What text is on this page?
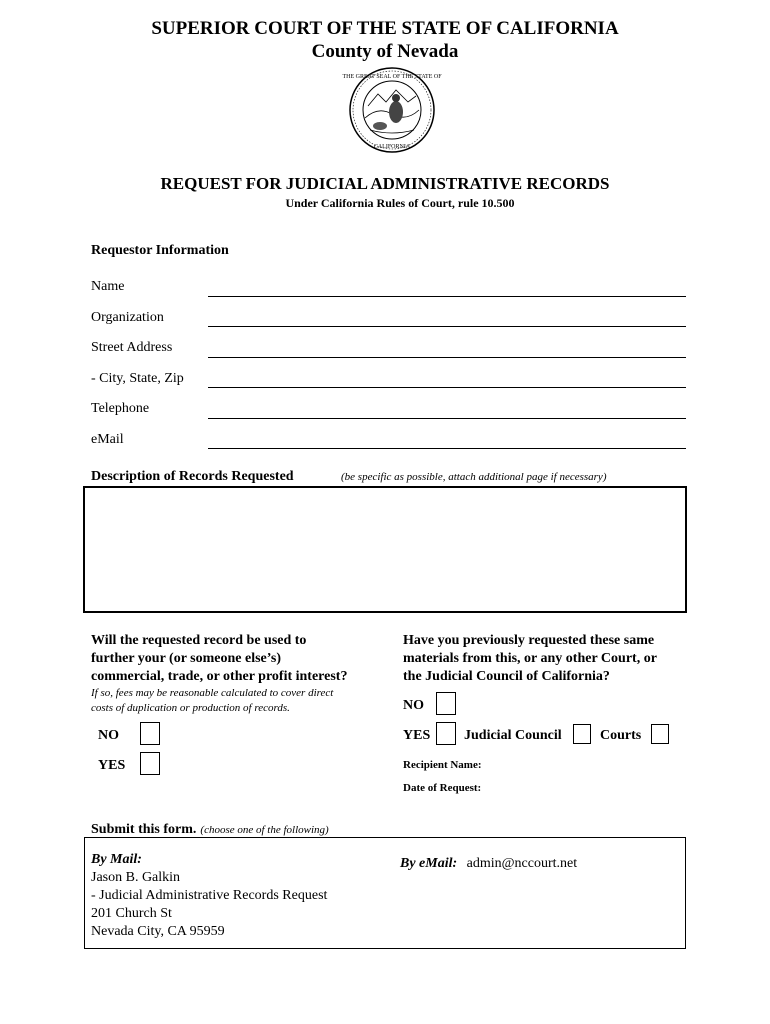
SUPERIOR COURT OF THE STATE OF CALIFORNIA
County of Nevada
THE GREAT SEAL OF THE STATE OF
CALIFORNIA
REQUEST FOR JUDICIAL ADMINISTRATIVE RECORDS
Under California Rules of Court, rule 10.500
Requestor Information
Name
Organization
Street Address
- City, State, Zip
Telephone
eMail
Description of Records Requested	(be specific as possible, attach additional page if necessary)
Will the requested record be used to
further your (or someone else’s)
commercial, trade, or other profit interest?
If so, fees may be reasonable calculated to cover direct
costs of duplication or production of records.
NO
YES
Have you previously requested these same
materials from this, or any other Court, or
the Judicial Council of California?
NO
YES Judicial Council	Courts
Recipient Name:
Date of Request:
Submit this form. (choose one of the following)
By Mail:
Jason B. Galkin
- Judicial Administrative Records Request
201 Church St
Nevada City, CA 95959
By eMail: admin@nccourt.net
